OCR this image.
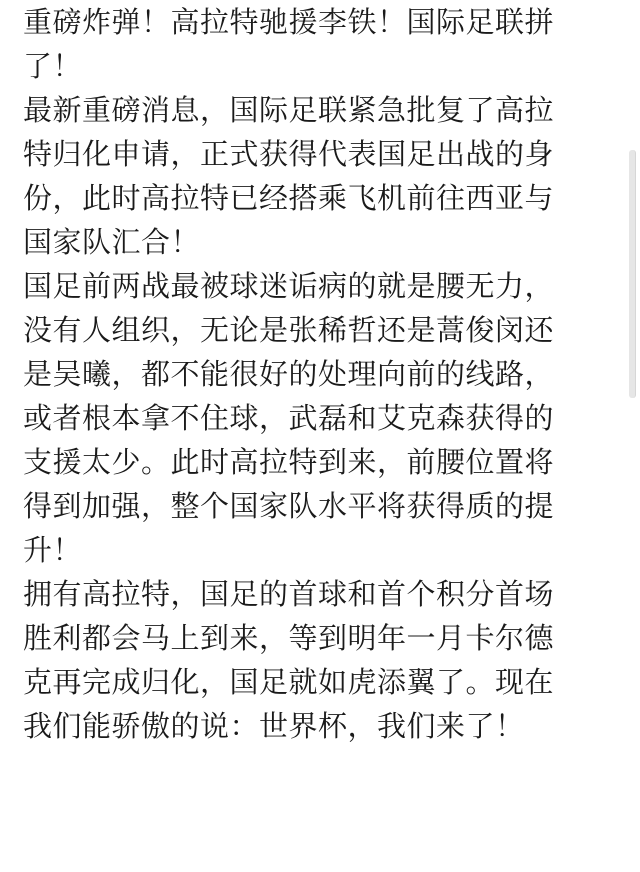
重磅炸弹！高拉特驰援李铁！国际足联拼
了！

最新重磅消息，国际足联紧急批复了高拉
特归化申请，正式获得代表国足出战的身
份，此时高拉特已经搭乘飞机前往西亚与
国家队汇合！

国足前两战最被球迷诟病的就是腰无力，
没有人组织，无论是张稀哲还是蒿俊闵还
是吴曦，都不能很好的处理向前的线路，
或者根本拿不住球，武磊和艾克森获得的
支援太少。此时高拉特到来，前腰位置将
得到加强，整个国家队水平将获得质的提
升！

拥有高拉特，国足的首球和首个积分首场
胜利都会马上到来，等到明年一月卡尔德
克再完成归化，国足就如虎添翼了。现在
我们能骄傲的说：世界杯，我们来了！
